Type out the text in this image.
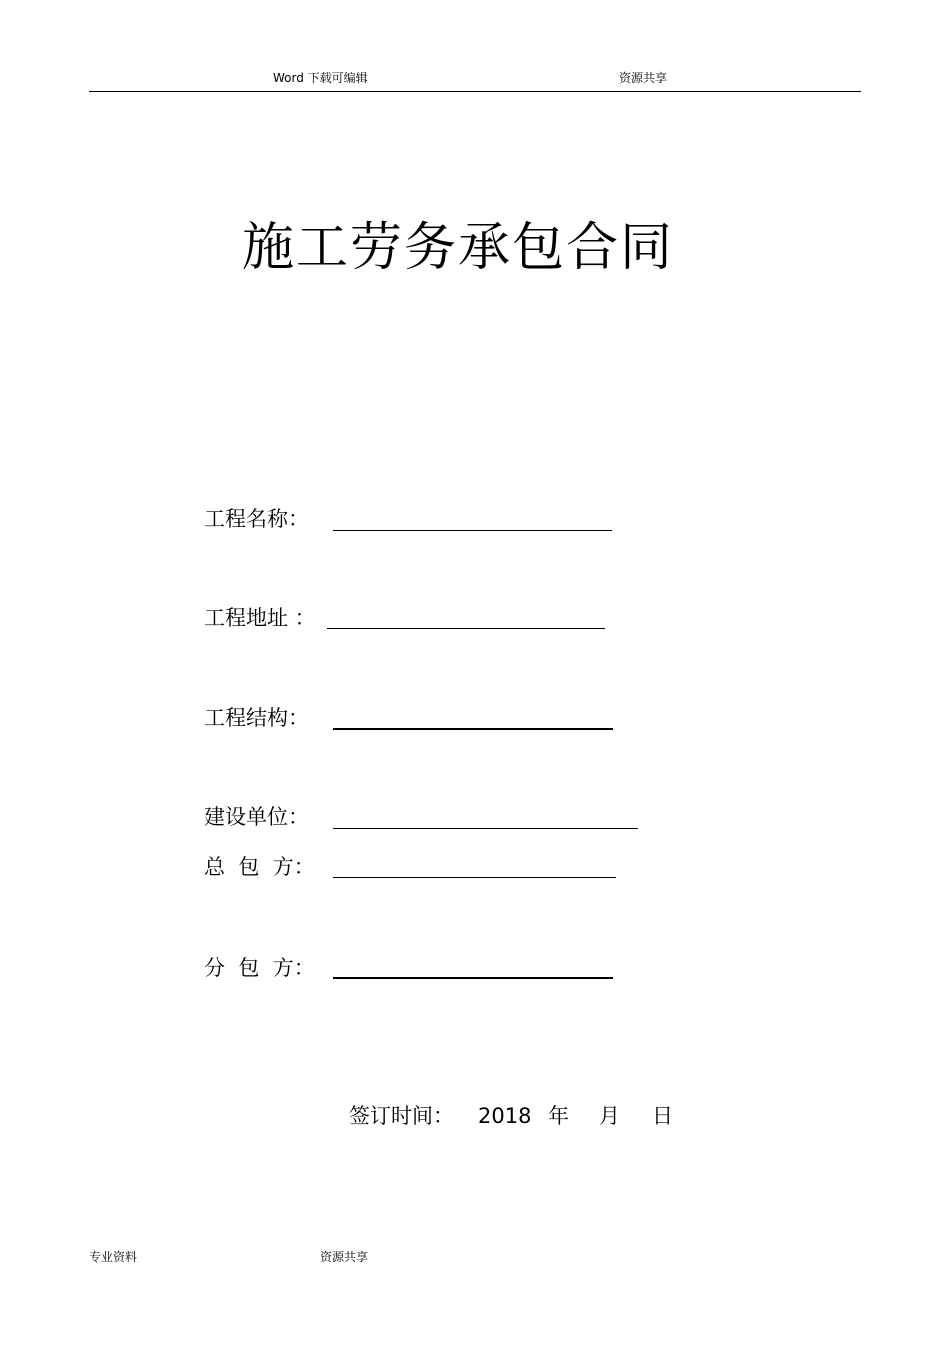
Word 下载可编辑	资源共享
施工劳务承包合同
工程名称：
工程地址 ：
工程结构：
建设单位：
总  包  方：
分  包  方：
签订时间： 2018 年 月 日
专业资料	资源共享
